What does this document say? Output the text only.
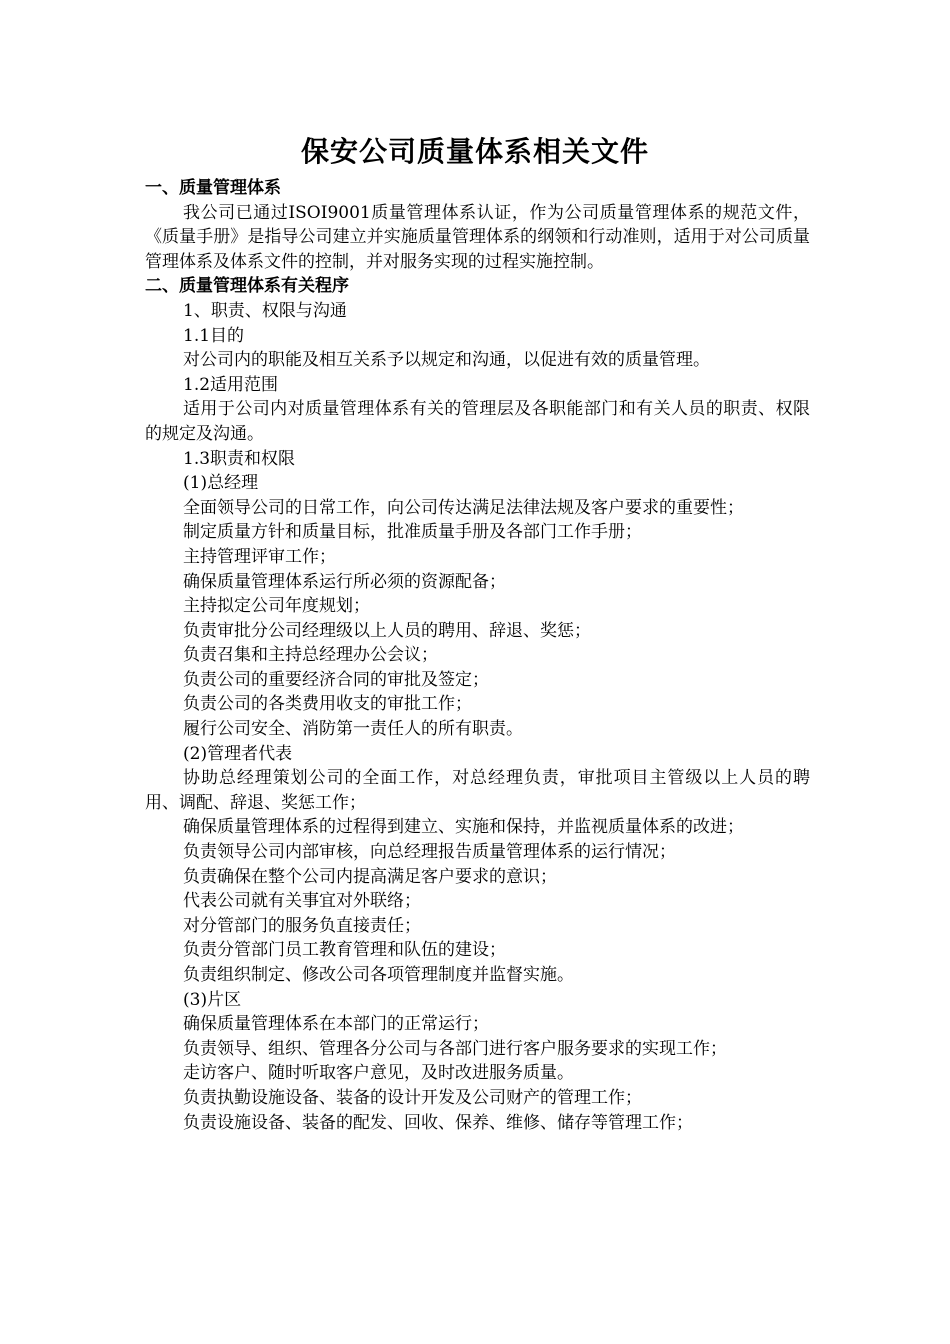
保安公司质量体系相关文件

一、质量管理体系

我公司已通过ISOI9001质量管理体系认证，作为公司质量管理体系的规范文件，《质量手册》是指导公司建立并实施质量管理体系的纲领和行动准则，适用于对公司质量管理体系及体系文件的控制，并对服务实现的过程实施控制。

二、质量管理体系有关程序

1、职责、权限与沟通

1.1目的

对公司内的职能及相互关系予以规定和沟通，以促进有效的质量管理。

1.2适用范围

适用于公司内对质量管理体系有关的管理层及各职能部门和有关人员的职责、权限的规定及沟通。

1.3职责和权限

(1)总经理

全面领导公司的日常工作，向公司传达满足法律法规及客户要求的重要性；

制定质量方针和质量目标，批准质量手册及各部门工作手册；

主持管理评审工作；

确保质量管理体系运行所必须的资源配备；

主持拟定公司年度规划；

负责审批分公司经理级以上人员的聘用、辞退、奖惩；

负责召集和主持总经理办公会议；

负责公司的重要经济合同的审批及签定；

负责公司的各类费用收支的审批工作；

履行公司安全、消防第一责任人的所有职责。

(2)管理者代表

协助总经理策划公司的全面工作，对总经理负责，审批项目主管级以上人员的聘用、调配、辞退、奖惩工作；

确保质量管理体系的过程得到建立、实施和保持，并监视质量体系的改进；

负责领导公司内部审核，向总经理报告质量管理体系的运行情况；

负责确保在整个公司内提高满足客户要求的意识；

代表公司就有关事宜对外联络；

对分管部门的服务负直接责任；

负责分管部门员工教育管理和队伍的建设；

负责组织制定、修改公司各项管理制度并监督实施。

(3)片区

确保质量管理体系在本部门的正常运行；

负责领导、组织、管理各分公司与各部门进行客户服务要求的实现工作；

走访客户、随时听取客户意见，及时改进服务质量。

负责执勤设施设备、装备的设计开发及公司财产的管理工作；

负责设施设备、装备的配发、回收、保养、维修、储存等管理工作；
